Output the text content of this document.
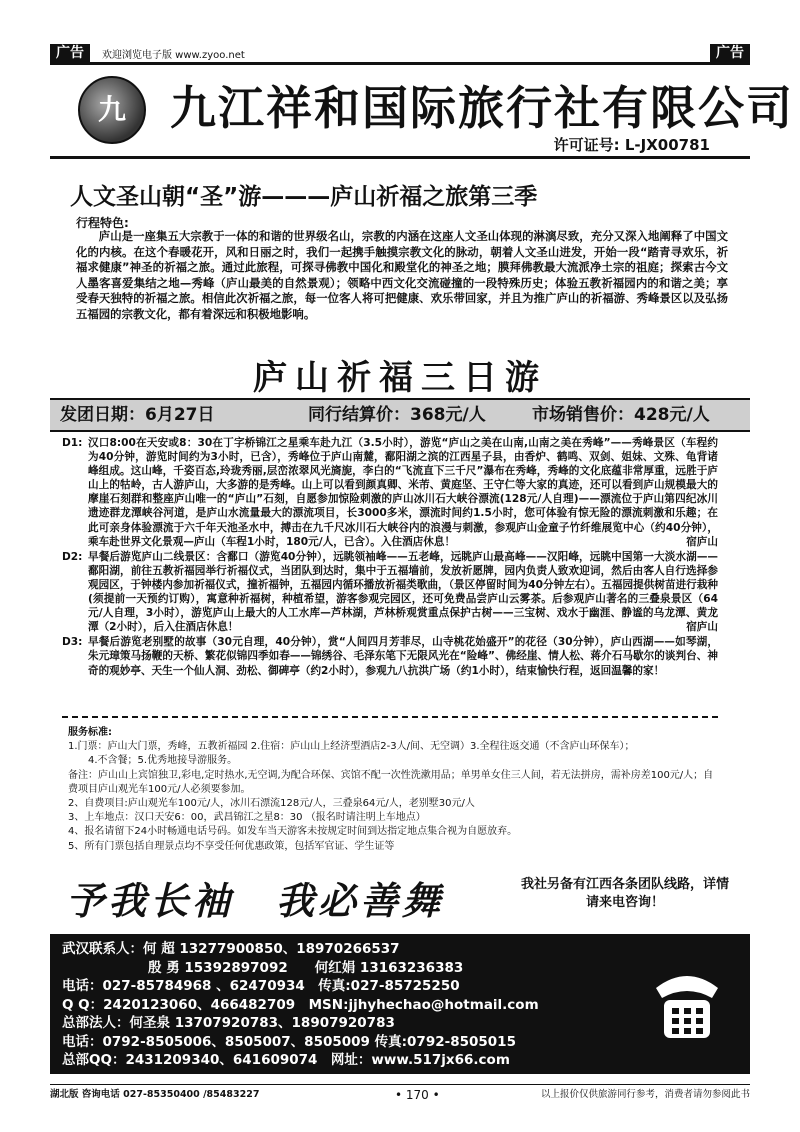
广告	欢迎浏览电子版 www.zyoo.net	广告
九 九江祥和国际旅行社有限公司
许可证号: L-JX00781
人文圣山朝“圣”游———庐山祈福之旅第三季
行程特色:
庐山是一座集五大宗教于一体的和谐的世界级名山，宗教的内涵在这座人文圣山体现的淋漓尽致，充分又深入地阐释了中国文化的内核。在这个春暖花开，风和日丽之时，我们一起携手触摸宗教文化的脉动，朝着人文圣山进发，开始一段“踏青寻欢乐，祈福求健康”神圣的祈福之旅。通过此旅程，可探寻佛教中国化和殿堂化的神圣之地；膜拜佛教最大流派净土宗的祖庭；探索古今文人墨客喜爱集结之地—秀峰（庐山最美的自然景观）；领略中西文化交流碰撞的一段特殊历史；体验五教祈福园内的和谐之美；享受春天独特的祈福之旅。相信此次祈福之旅，每一位客人将可把健康、欢乐带回家，并且为推广庐山的祈福游、秀峰景区以及弘扬五福园的宗教文化，都有着深远和积极地影响。
庐山祈福三日游
发团日期：6月27日	同行结算价：368元/人	市场销售价：428元/人
D1: 汉口8:00在天安或8：30在丁字桥锦江之星乘车赴九江（3.5小时），游览“庐山之美在山南,山南之美在秀峰”——秀峰景区（车程约为40分钟，游览时间约为3小时，已含），秀峰位于庐山南麓，鄱阳湖之滨的江西星子县，由香炉、鹤鸣、双剑、姐妹、文殊、龟背诸峰组成。这山峰，千姿百态,玲珑秀丽,层峦浓翠风光旖旎，李白的“飞流直下三千尺”瀑布在秀峰，秀峰的文化底蕴非常厚重，远胜于庐山上的牯岭，古人游庐山，大多游的是秀峰。山上可以看到颜真卿、米芾、黄庭坚、王守仁等大家的真迹，还可以看到庐山规模最大的摩崖石刻群和整座庐山唯一的“庐山”石刻，自愿参加惊险刺激的庐山冰川石大峡谷漂流(128元/人自理)——漂流位于庐山第四纪冰川遗迹群龙潭峡谷河道，是庐山水流量最大的漂流项目，长3000多米，漂流时间约1.5小时，您可体验有惊无险的漂流刺激和乐趣；在此可亲身体验漂流于六千年天池圣水中，搏击在九千尺冰川石大峡谷内的浪漫与刺激，参观庐山金童子竹纤维展览中心（约40分钟），乘车赴世界文化景观—庐山（车程1小时，180元/人，已含）。入住酒店休息！	宿庐山
D2: 早餐后游览庐山二线景区：含鄱口（游览40分钟），远眺领袖峰——五老峰，远眺庐山最高峰——汉阳峰，远眺中国第一大淡水湖——鄱阳湖，前往五教祈福园举行祈福仪式，当团队到达时，集中于五福墙前，发放祈愿牌，园内负责人致欢迎词，然后由客人自行选择参观园区，于钟楼内参加祈福仪式，撞祈福钟，五福园内循环播放祈福类歌曲，（景区停留时间为40分钟左右）。五福园提供树苗进行栽种(须提前一天预约订购），寓意种祈福树，种植希望，游客参观完园区，还可免费品尝庐山云雾茶。后参观庐山著名的三叠泉景区（64元/人自理，3小时），游览庐山上最大的人工水库—芦林湖，芦林桥观赏重点保护古树——三宝树、戏水于幽涯、静谧的乌龙潭、黄龙潭（2小时），后入住酒店休息！	宿庐山
D3: 早餐后游览老别墅的故事（30元自理，40分钟），赏“人间四月芳菲尽，山寺桃花始盛开”的花径（30分钟），庐山西湖——如琴湖，朱元璋策马扬鞭的天桥、繁花似锦四季如春——锦绣谷、毛泽东笔下无限风光在“险峰”、佛经崖、情人松、蒋介石马歇尔的谈判台、神奇的观妙亭、天生一个仙人洞、劲松、御碑亭（约2小时），参观九八抗洪广场（约1小时），结束愉快行程，返回温馨的家！
服务标准:
1.门票：庐山大门票，秀峰，五教祈福园 2.住宿：庐山山上经济型酒店2-3人/间、无空调）3.全程往返交通（不含庐山环保车）；
　　4.不含餐；5.优秀地接导游服务。
备注：庐山山上宾馆独卫,彩电,定时热水,无空调,为配合环保、宾馆不配一次性洗漱用品；单男单女住三人间，若无法拼房，需补房差100元/人；自费项目庐山观光车100元/人必须要参加。
2、自费项目:庐山观光车100元/人，冰川石漂流128元/人，三叠泉64元/人，老别墅30元/人
3、上车地点：汉口天安6：00，武昌锦江之星8：30 （报名时请注明上车地点）
4、报名请留下24小时畅通电话号码。如发车当天游客未按规定时间到达指定地点集合视为自愿放弃。
5、所有门票包括自理景点均不享受任何优惠政策，包括军官证、学生证等
予我长袖　我必善舞	我社另备有江西各条团队线路，详情请来电咨询！
武汉联系人：何 超 13277900850、18970266537
殷 勇 15392897092　　何红娟 13163236383
电话：027-85784968 、62470934　传真:027-85725250
Q Q：2420123060、466482709　MSN:jjhyhechao@hotmail.com
总部法人：何圣泉 13707920783、18907920783
电话：0792-8505006、8505007、8505009 传真:0792-8505015
总部QQ：2431209340、641609074　网址：www.517jx66.com
湖北版 咨询电话 027-85350400 /85483227	• 170 •	以上报价仅供旅游同行参考，消费者请勿参阅此书
